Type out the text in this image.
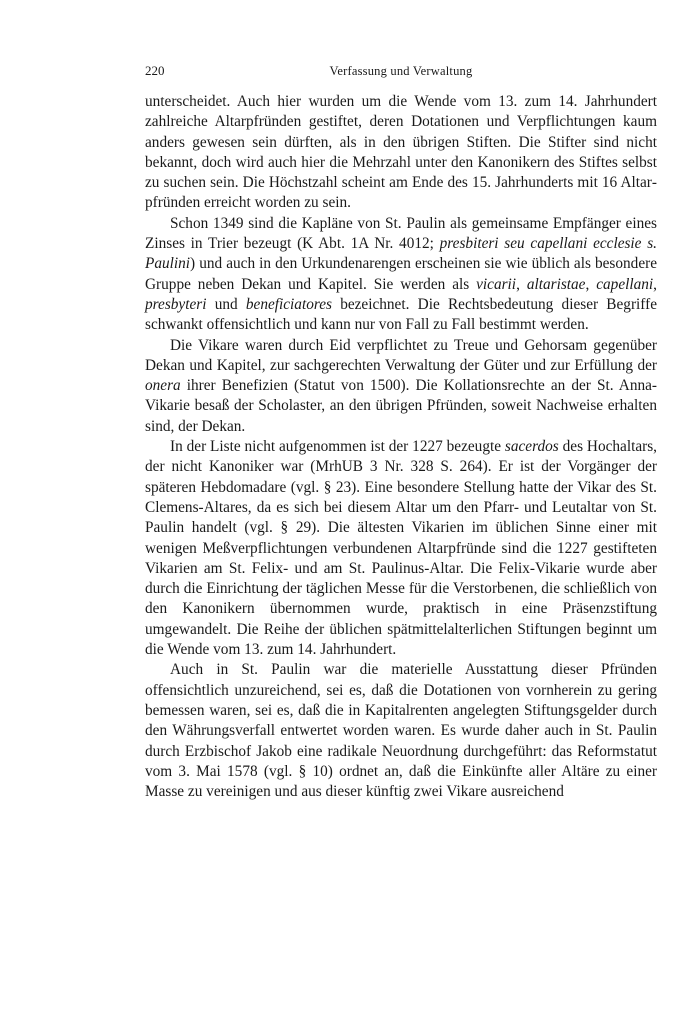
220	Verfassung und Verwaltung

unterscheidet. Auch hier wurden um die Wende vom 13. zum 14. Jahrhundert zahlreiche Altarpfründen gestiftet, deren Dotationen und Verpflichtungen kaum anders gewesen sein dürften, als in den übrigen Stiften. Die Stifter sind nicht bekannt, doch wird auch hier die Mehrzahl unter den Kanonikern des Stiftes selbst zu suchen sein. Die Höchstzahl scheint am Ende des 15. Jahrhunderts mit 16 Altarpfründen erreicht worden zu sein.

Schon 1349 sind die Kapläne von St. Paulin als gemeinsame Empfänger eines Zinses in Trier bezeugt (K Abt. 1A Nr. 4012; presbiteri seu capellani ecclesie s. Paulini) und auch in den Urkundenarengen erscheinen sie wie üblich als besondere Gruppe neben Dekan und Kapitel. Sie werden als vicarii, altaristae, capellani, presbyteri und beneficiatores bezeichnet. Die Rechtsbedeutung dieser Begriffe schwankt offensichtlich und kann nur von Fall zu Fall bestimmt werden.

Die Vikare waren durch Eid verpflichtet zu Treue und Gehorsam gegenüber Dekan und Kapitel, zur sachgerechten Verwaltung der Güter und zur Erfüllung der onera ihrer Benefizien (Statut von 1500). Die Kollationsrechte an der St. Anna-Vikarie besaß der Scholaster, an den übrigen Pfründen, soweit Nachweise erhalten sind, der Dekan.

In der Liste nicht aufgenommen ist der 1227 bezeugte sacerdos des Hochaltars, der nicht Kanoniker war (MrhUB 3 Nr. 328 S. 264). Er ist der Vorgänger der späteren Hebdomadare (vgl. § 23). Eine besondere Stellung hatte der Vikar des St. Clemens-Altares, da es sich bei diesem Altar um den Pfarr- und Leutaltar von St. Paulin handelt (vgl. § 29). Die ältesten Vikarien im üblichen Sinne einer mit wenigen Meßverpflichtungen verbundenen Altarpfründe sind die 1227 gestifteten Vikarien am St. Felix- und am St. Paulinus-Altar. Die Felix-Vikarie wurde aber durch die Einrichtung der täglichen Messe für die Verstorbenen, die schließlich von den Kanonikern übernommen wurde, praktisch in eine Präsenzstiftung umgewandelt. Die Reihe der üblichen spätmittelalterlichen Stiftungen beginnt um die Wende vom 13. zum 14. Jahrhundert.

Auch in St. Paulin war die materielle Ausstattung dieser Pfründen offensichtlich unzureichend, sei es, daß die Dotationen von vornherein zu gering bemessen waren, sei es, daß die in Kapitalrenten angelegten Stiftungsgelder durch den Währungsverfall entwertet worden waren. Es wurde daher auch in St. Paulin durch Erzbischof Jakob eine radikale Neuordnung durchgeführt: das Reformstatut vom 3. Mai 1578 (vgl. § 10) ordnet an, daß die Einkünfte aller Altäre zu einer Masse zu vereinigen und aus dieser künftig zwei Vikare ausreichend
